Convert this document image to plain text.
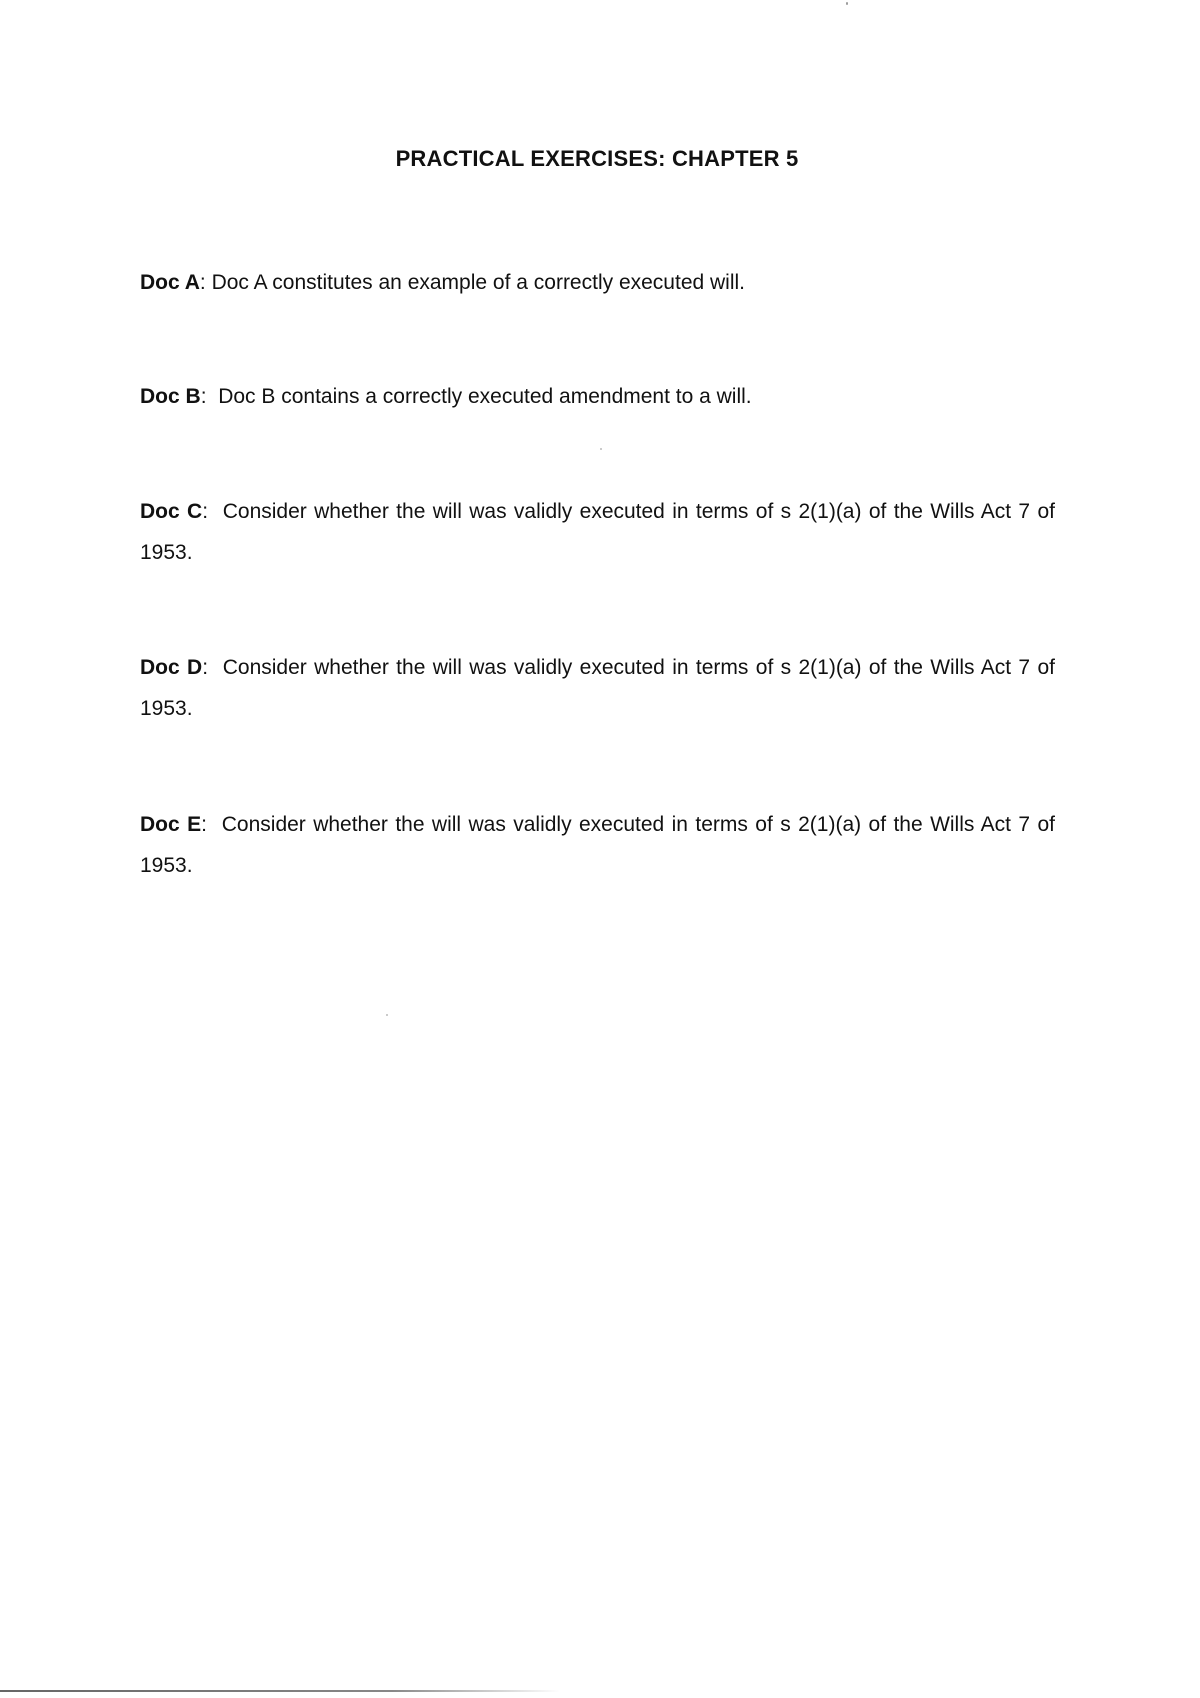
PRACTICAL EXERCISES: CHAPTER 5

Doc A: Doc A constitutes an example of a correctly executed will.

Doc B:  Doc B contains a correctly executed amendment to a will.

Doc C:  Consider whether the will was validly executed in terms of s 2(1)(a) of the Wills Act 7 of 1953.

Doc D:  Consider whether the will was validly executed in terms of s 2(1)(a) of the Wills Act 7 of 1953.

Doc E:  Consider whether the will was validly executed in terms of s 2(1)(a) of the Wills Act 7 of 1953.
